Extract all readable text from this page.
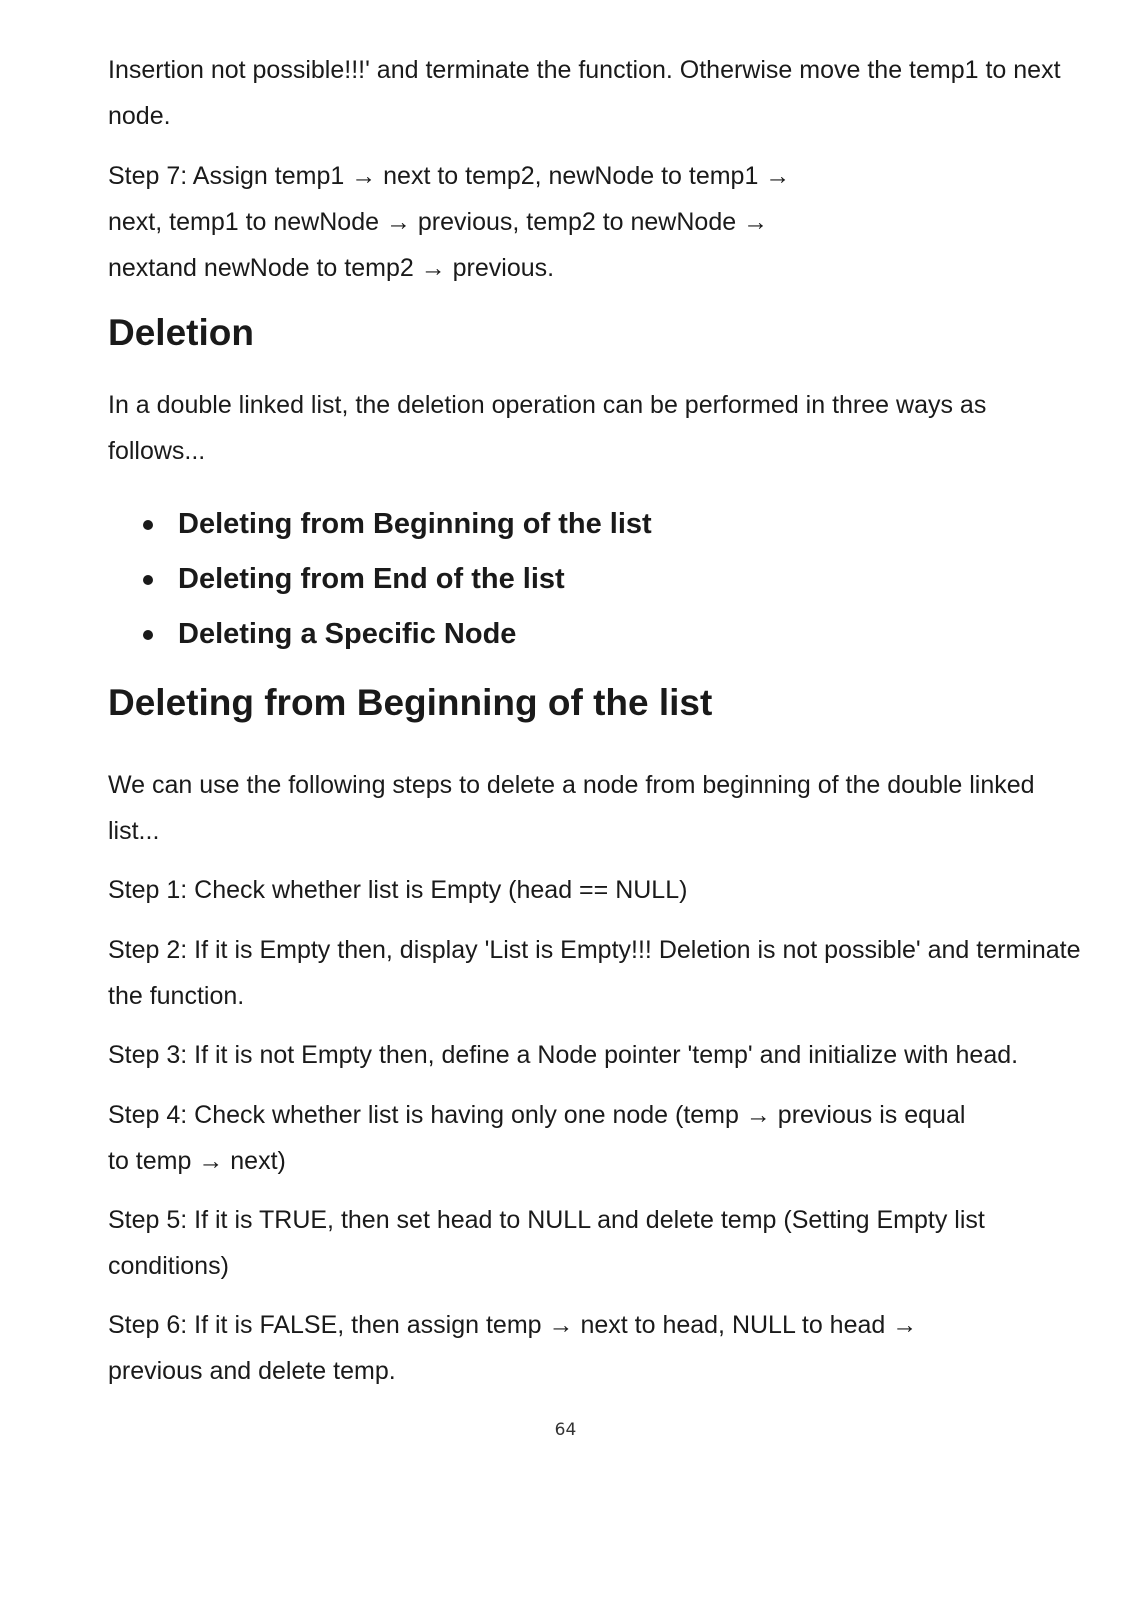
Insertion not possible!!!' and terminate the function. Otherwise move the temp1 to next node.

Step 7: Assign temp1 → next to temp2, newNode to temp1 →
next, temp1 to newNode → previous, temp2 to newNode →
nextand newNode to temp2 → previous.

Deletion

In a double linked list, the deletion operation can be performed in three ways as follows...

Deleting from Beginning of the list
Deleting from End of the list
Deleting a Specific Node
Deleting from Beginning of the list

We can use the following steps to delete a node from beginning of the double linked list...

Step 1: Check whether list is Empty (head == NULL)

Step 2: If it is Empty then, display 'List is Empty!!! Deletion is not possible' and terminate the function.

Step 3: If it is not Empty then, define a Node pointer 'temp' and initialize with head.

Step 4: Check whether list is having only one node (temp → previous is equal
to temp → next)

Step 5: If it is TRUE, then set head to NULL and delete temp (Setting Empty list conditions)

Step 6: If it is FALSE, then assign temp → next to head, NULL to head →
previous and delete temp.

64
